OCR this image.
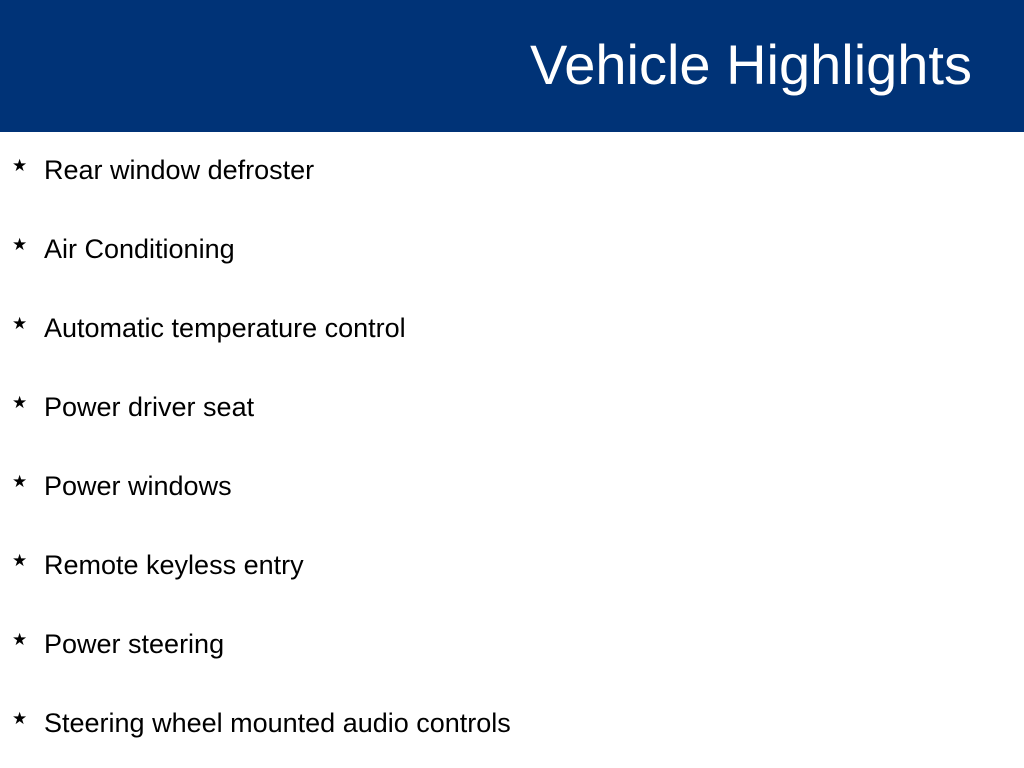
Vehicle Highlights
★ Rear window defroster
★ Air Conditioning
★ Automatic temperature control
★ Power driver seat
★ Power windows
★ Remote keyless entry
★ Power steering
★ Steering wheel mounted audio controls
